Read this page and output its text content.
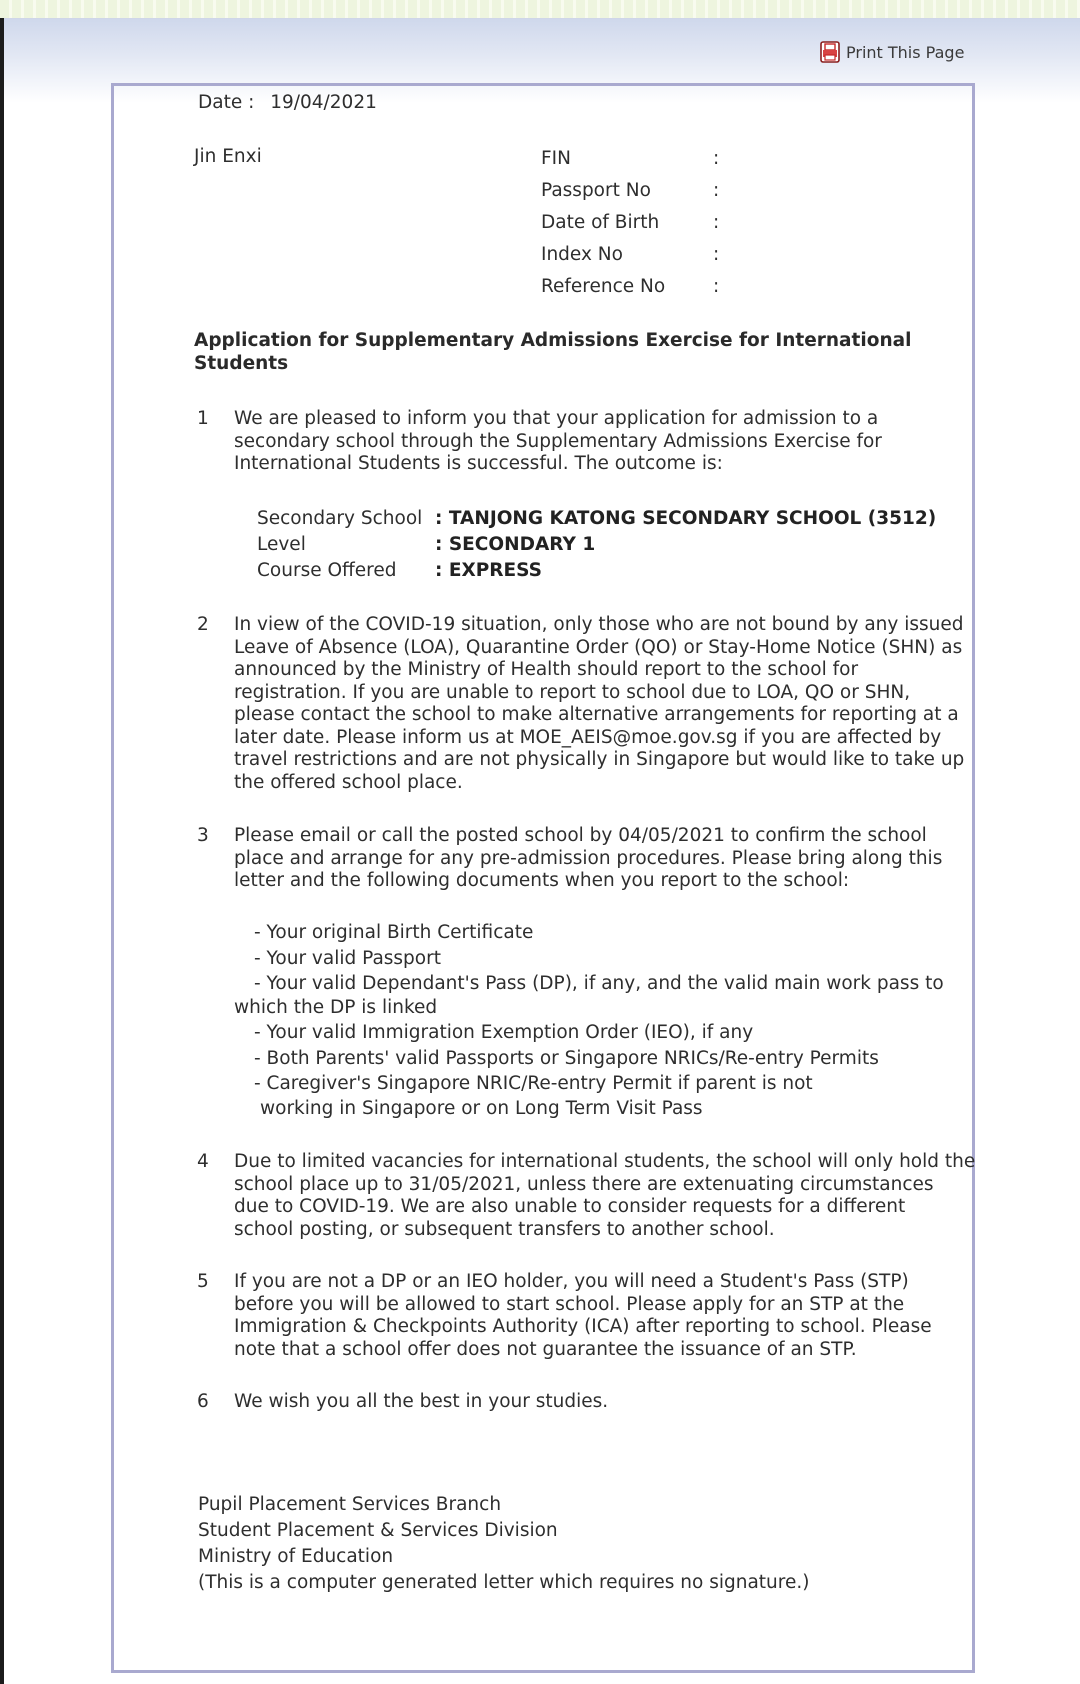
Print This Page
Date : 19/04/2021
Jin Enxi	FIN	:
Passport No	:
Date of Birth	:
Index No	:
Reference No	:
Application for Supplementary Admissions Exercise for International Students
1 We are pleased to inform you that your application for admission to a
secondary school through the Supplementary Admissions Exercise for
International Students is successful. The outcome is:
Secondary School : TANJONG KATONG SECONDARY SCHOOL (3512)
Level	: SECONDARY 1
Course Offered : EXPRESS
2 In view of the COVID-19 situation, only those who are not bound by any issued
Leave of Absence (LOA), Quarantine Order (QO) or Stay-Home Notice (SHN) as
announced by the Ministry of Health should report to the school for
registration. If you are unable to report to school due to LOA, QO or SHN,
please contact the school to make alternative arrangements for reporting at a
later date. Please inform us at MOE_AEIS@moe.gov.sg if you are affected by
travel restrictions and are not physically in Singapore but would like to take up
the offered school place.
3 Please email or call the posted school by 04/05/2021 to confirm the school
place and arrange for any pre-admission procedures. Please bring along this
letter and the following documents when you report to the school:
- Your original Birth Certificate
- Your valid Passport
- Your valid Dependant's Pass (DP), if any, and the valid main work pass to
which the DP is linked
- Your valid Immigration Exemption Order (IEO), if any
- Both Parents' valid Passports or Singapore NRICs/Re-entry Permits
- Caregiver's Singapore NRIC/Re-entry Permit if parent is not
working in Singapore or on Long Term Visit Pass
4 Due to limited vacancies for international students, the school will only hold the
school place up to 31/05/2021, unless there are extenuating circumstances
due to COVID-19. We are also unable to consider requests for a different
school posting, or subsequent transfers to another school.
5 If you are not a DP or an IEO holder, you will need a Student's Pass (STP)
before you will be allowed to start school. Please apply for an STP at the
Immigration & Checkpoints Authority (ICA) after reporting to school. Please
note that a school offer does not guarantee the issuance of an STP.
6 We wish you all the best in your studies.
Pupil Placement Services Branch
Student Placement & Services Division
Ministry of Education
(This is a computer generated letter which requires no signature.)
